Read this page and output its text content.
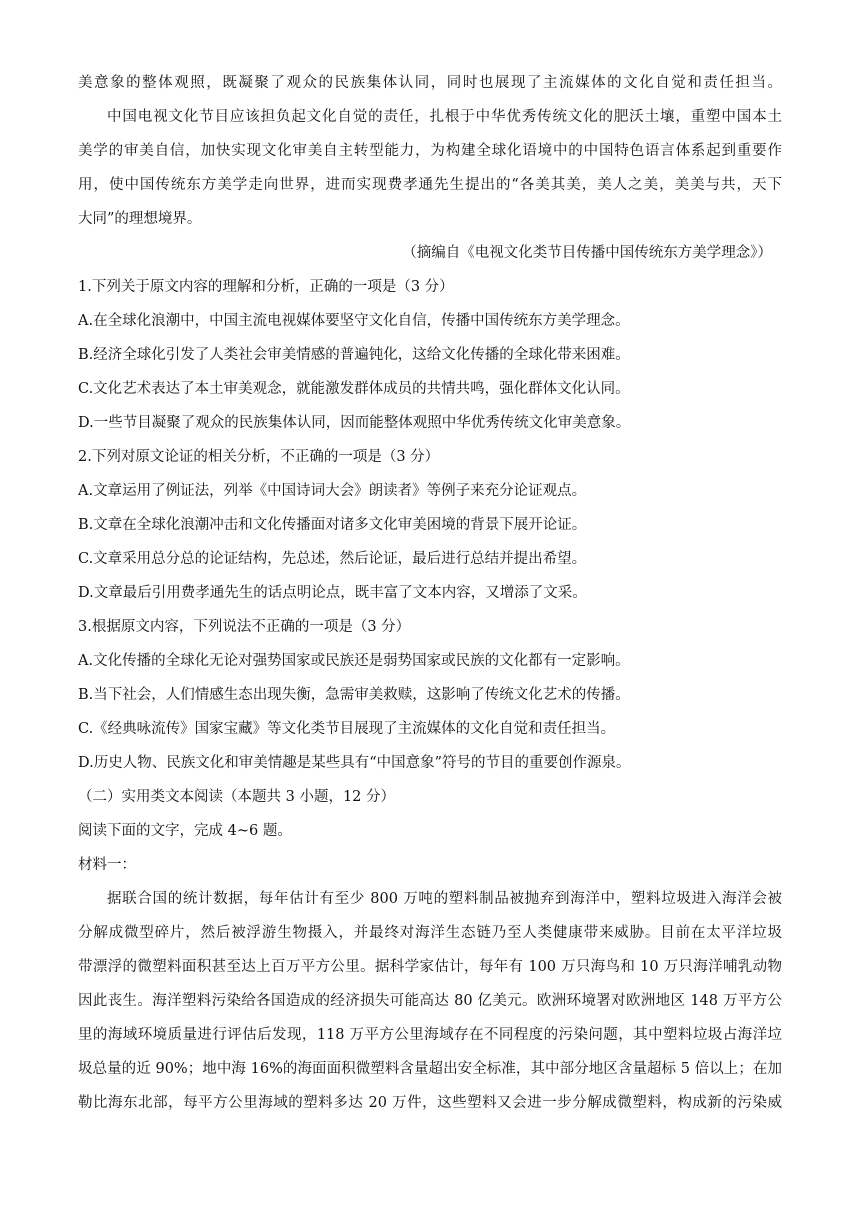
美意象的整体观照，既凝聚了观众的民族集体认同，同时也展现了主流媒体的文化自觉和责任担当。

中国电视文化节目应该担负起文化自觉的责任，扎根于中华优秀传统文化的肥沃土壤，重塑中国本土

美学的审美自信，加快实现文化审美自主转型能力，为构建全球化语境中的中国特色语言体系起到重要作

用，使中国传统东方美学走向世界，进而实现费孝通先生提出的“各美其美，美人之美，美美与共，天下

大同”的理想境界。

（摘编自《电视文化类节目传播中国传统东方美学理念》）

1.下列关于原文内容的理解和分析，正确的一项是（3 分）

A.在全球化浪潮中，中国主流电视媒体要坚守文化自信，传播中国传统东方美学理念。

B.经济全球化引发了人类社会审美情感的普遍钝化，这给文化传播的全球化带来困难。

C.文化艺术表达了本土审美观念，就能激发群体成员的共情共鸣，强化群体文化认同。

D.一些节目凝聚了观众的民族集体认同，因而能整体观照中华优秀传统文化审美意象。

2.下列对原文论证的相关分析，不正确的一项是（3 分）

A.文章运用了例证法，列举《中国诗词大会》朗读者》等例子来充分论证观点。

B.文章在全球化浪潮冲击和文化传播面对诸多文化审美困境的背景下展开论证。

C.文章采用总分总的论证结构，先总述，然后论证，最后进行总结并提出希望。

D.文章最后引用费孝通先生的话点明论点，既丰富了文本内容，又增添了文采。

3.根据原文内容，下列说法不正确的一项是（3 分）

A.文化传播的全球化无论对强势国家或民族还是弱势国家或民族的文化都有一定影响。

B.当下社会，人们情感生态出现失衡，急需审美救赎，这影响了传统文化艺术的传播。

C.《经典咏流传》国家宝藏》等文化类节目展现了主流媒体的文化自觉和责任担当。

D.历史人物、民族文化和审美情趣是某些具有“中国意象”符号的节目的重要创作源泉。

（二）实用类文本阅读（本题共 3 小题，12 分）

阅读下面的文字，完成 4~6 题。

材料一：

据联合国的统计数据，每年估计有至少 800 万吨的塑料制品被抛弃到海洋中，塑料垃圾进入海洋会被

分解成微型碎片，然后被浮游生物摄入，并最终对海洋生态链乃至人类健康带来威胁。目前在太平洋垃圾

带漂浮的微塑料面积甚至达上百万平方公里。据科学家估计，每年有 100 万只海鸟和 10 万只海洋哺乳动物

因此丧生。海洋塑料污染给各国造成的经济损失可能高达 80 亿美元。欧洲环境署对欧洲地区 148 万平方公

里的海域环境质量进行评估后发现，118 万平方公里海域存在不同程度的污染问题，其中塑料垃圾占海洋垃

圾总量的近 90%；地中海 16%的海面面积微塑料含量超出安全标准，其中部分地区含量超标 5 倍以上；在加

勒比海东北部，每平方公里海域的塑料多达 20 万件，这些塑料又会进一步分解成微塑料，构成新的污染威
